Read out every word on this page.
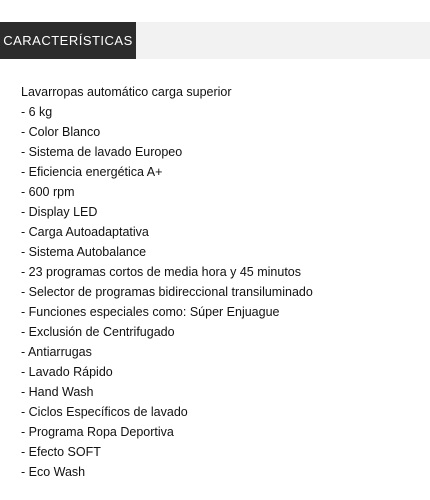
CARACTERÍSTICAS
Lavarropas automático carga superior
- 6 kg
- Color Blanco
- Sistema de lavado Europeo
- Eficiencia energética A+
- 600 rpm
- Display LED
- Carga Autoadaptativa
- Sistema Autobalance
- 23 programas cortos de media hora y 45 minutos
- Selector de programas bidireccional transiluminado
- Funciones especiales como: Súper Enjuague
- Exclusión de Centrifugado
- Antiarrugas
- Lavado Rápido
- Hand Wash
- Ciclos Específicos de lavado
- Programa Ropa Deportiva
- Efecto SOFT
- Eco Wash
